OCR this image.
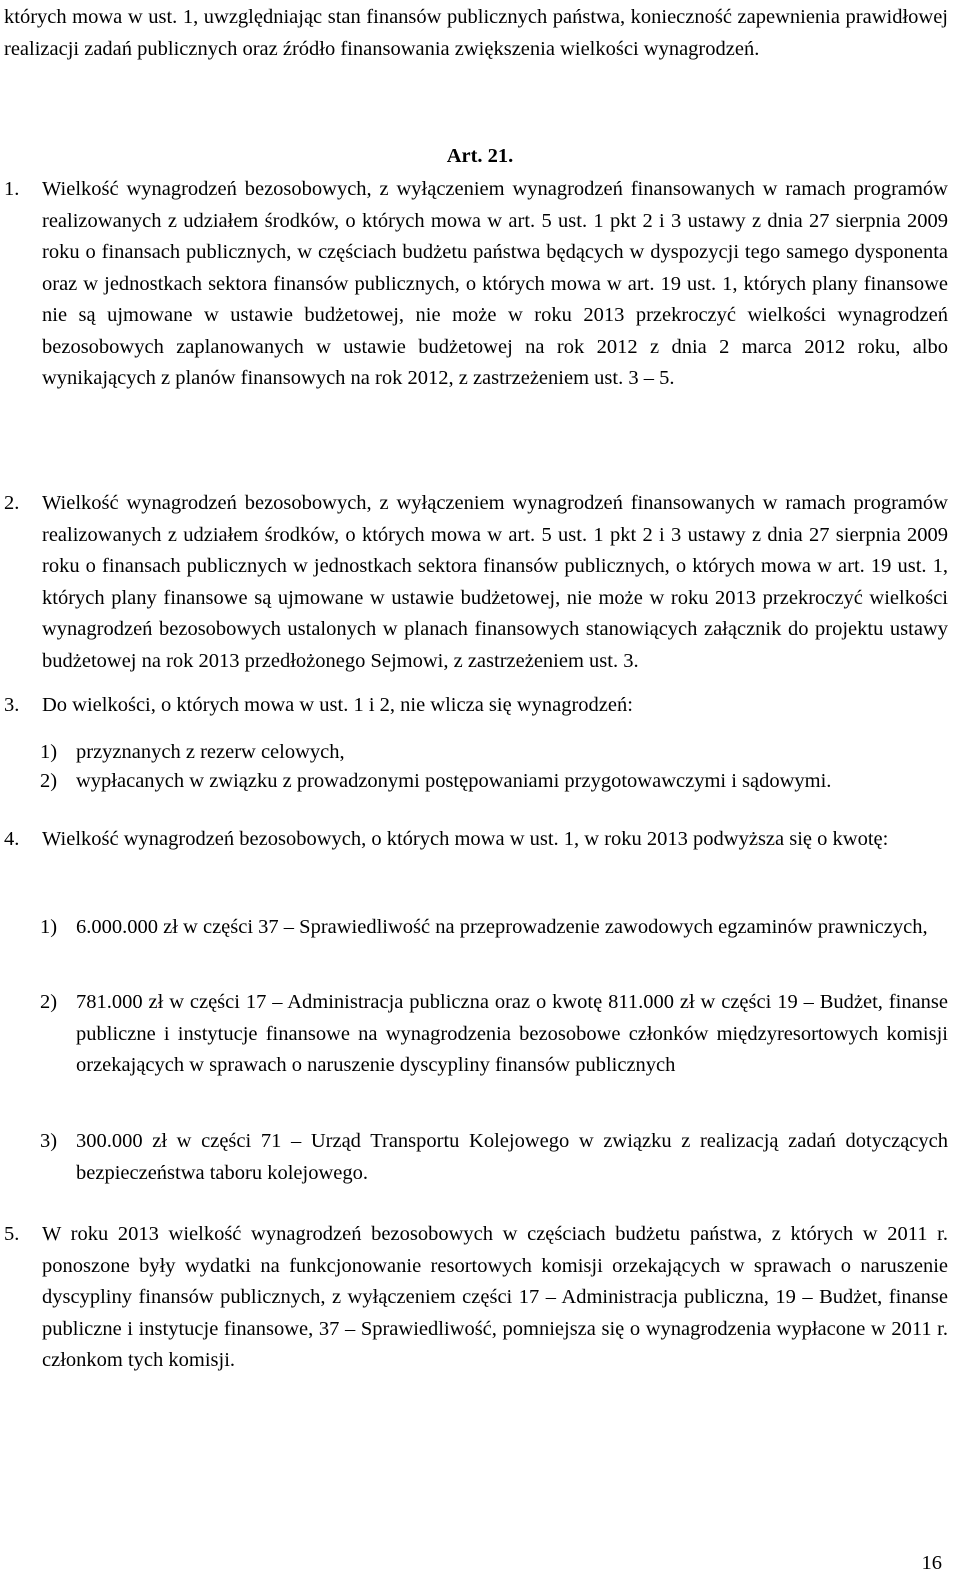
których mowa w ust. 1, uwzględniając stan finansów publicznych państwa, konieczność zapewnienia prawidłowej realizacji zadań publicznych oraz źródło finansowania zwiększenia wielkości wynagrodzeń.

Art. 21.

1. Wielkość wynagrodzeń bezosobowych, z wyłączeniem wynagrodzeń finansowanych w ramach programów realizowanych z udziałem środków, o których mowa w art. 5 ust. 1 pkt 2 i 3 ustawy z dnia 27 sierpnia 2009 roku o finansach publicznych, w częściach budżetu państwa będących w dyspozycji tego samego dysponenta oraz w jednostkach sektora finansów publicznych, o których mowa w art. 19 ust. 1, których plany finansowe nie są ujmowane w ustawie budżetowej, nie może w roku 2013 przekroczyć wielkości wynagrodzeń bezosobowych zaplanowanych w ustawie budżetowej na rok 2012 z dnia 2 marca 2012 roku, albo wynikających z planów finansowych na rok 2012, z zastrzeżeniem ust. 3 – 5.

2. Wielkość wynagrodzeń bezosobowych, z wyłączeniem wynagrodzeń finansowanych w ramach programów realizowanych z udziałem środków, o których mowa w art. 5 ust. 1 pkt 2 i 3 ustawy z dnia 27 sierpnia 2009 roku o finansach publicznych w jednostkach sektora finansów publicznych, o których mowa w art. 19 ust. 1, których plany finansowe są ujmowane w ustawie budżetowej, nie może w roku 2013 przekroczyć wielkości wynagrodzeń bezosobowych ustalonych w planach finansowych stanowiących załącznik do projektu ustawy budżetowej na rok 2013 przedłożonego Sejmowi, z zastrzeżeniem ust. 3.

3. Do wielkości, o których mowa w ust. 1 i 2, nie wlicza się wynagrodzeń:

1) przyznanych z rezerw celowych,

2) wypłacanych w związku z prowadzonymi postępowaniami przygotowawczymi i sądowymi.

4. Wielkość wynagrodzeń bezosobowych, o których mowa w ust. 1, w roku 2013 podwyższa się o kwotę:

1) 6.000.000 zł w części 37 – Sprawiedliwość na przeprowadzenie zawodowych egzaminów prawniczych,

2) 781.000 zł w części 17 – Administracja publiczna oraz o kwotę 811.000 zł w części 19 – Budżet, finanse publiczne i instytucje finansowe na wynagrodzenia bezosobowe członków międzyresortowych komisji orzekających w sprawach o naruszenie dyscypliny finansów publicznych

3) 300.000 zł w części 71 – Urząd Transportu Kolejowego w związku z realizacją zadań dotyczących bezpieczeństwa taboru kolejowego.

5. W roku 2013 wielkość wynagrodzeń bezosobowych w częściach budżetu państwa, z których w 2011 r. ponoszone były wydatki na funkcjonowanie resortowych komisji orzekających w sprawach o naruszenie dyscypliny finansów publicznych, z wyłączeniem części 17 – Administracja publiczna, 19 – Budżet, finanse publiczne i instytucje finansowe, 37 – Sprawiedliwość, pomniejsza się o wynagrodzenia wypłacone w 2011 r. członkom tych komisji.

16
